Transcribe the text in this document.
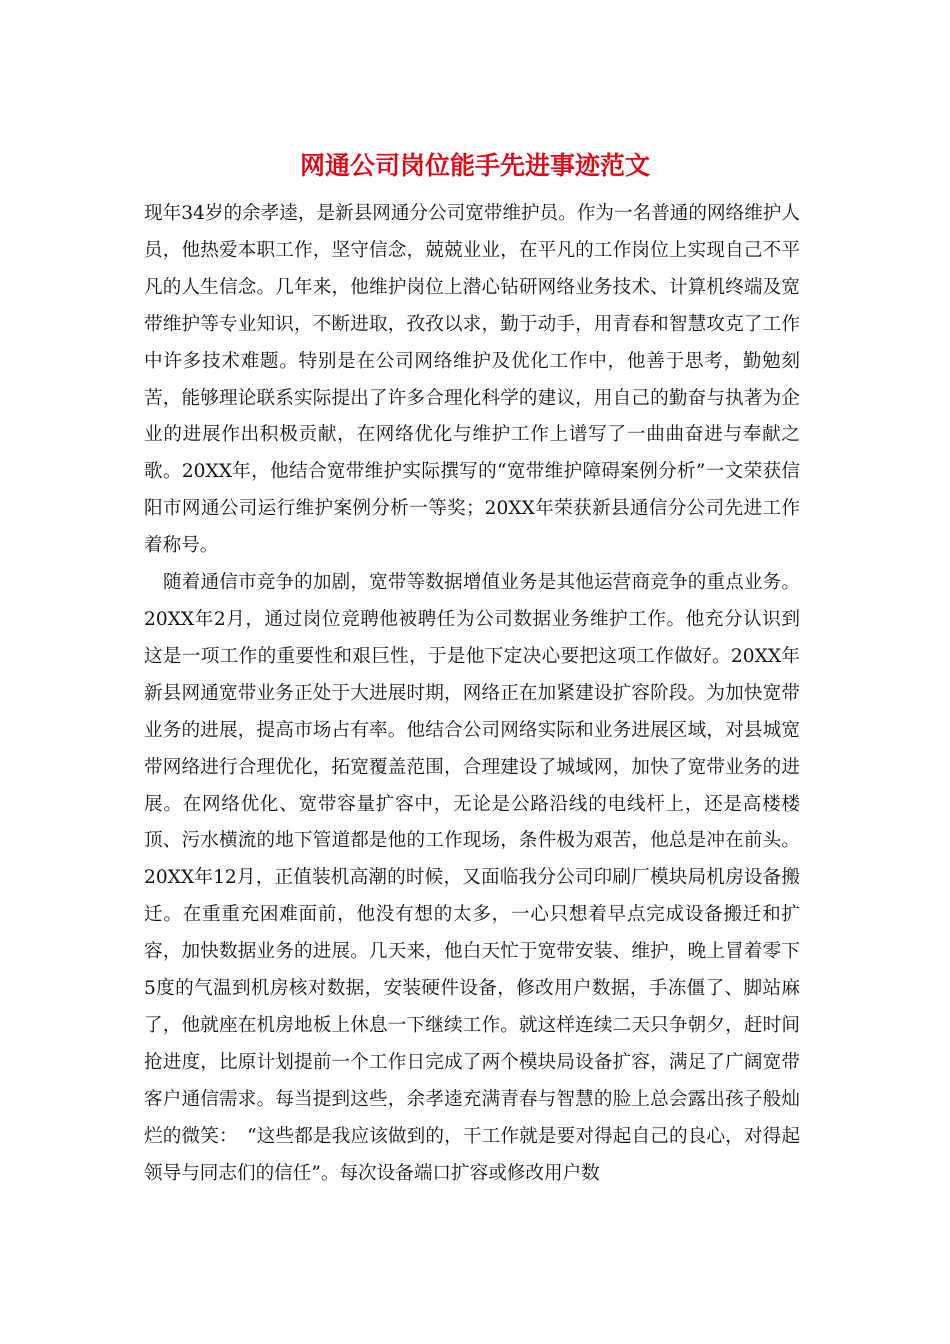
网通公司岗位能手先进事迹范文

现年34岁的余孝逵，是新县网通分公司宽带维护员。作为一名普通的网络维护人员，他热爱本职工作，坚守信念，兢兢业业，在平凡的工作岗位上实现自己不平凡的人生信念。几年来，他维护岗位上潜心钻研网络业务技术、计算机终端及宽带维护等专业知识，不断进取，孜孜以求，勤于动手，用青春和智慧攻克了工作中许多技术难题。特别是在公司网络维护及优化工作中，他善于思考，勤勉刻苦，能够理论联系实际提出了许多合理化科学的建议，用自己的勤奋与执著为企业的进展作出积极贡献，在网络优化与维护工作上谱写了一曲曲奋进与奉献之歌。20XX年，他结合宽带维护实际撰写的“宽带维护障碍案例分析”一文荣获信阳市网通公司运行维护案例分析一等奖；20XX年荣获新县通信分公司先进工作着称号。

随着通信市竞争的加剧，宽带等数据增值业务是其他运营商竞争的重点业务。20XX年2月，通过岗位竞聘他被聘任为公司数据业务维护工作。他充分认识到这是一项工作的重要性和艰巨性，于是他下定决心要把这项工作做好。20XX年新县网通宽带业务正处于大进展时期，网络正在加紧建设扩容阶段。为加快宽带业务的进展，提高市场占有率。他结合公司网络实际和业务进展区域，对县城宽带网络进行合理优化，拓宽覆盖范围，合理建设了城域网，加快了宽带业务的进展。在网络优化、宽带容量扩容中，无论是公路沿线的电线杆上，还是高楼楼顶、污水横流的地下管道都是他的工作现场，条件极为艰苦，他总是冲在前头。20XX年12月，正值装机高潮的时候，又面临我分公司印刷厂模块局机房设备搬迁。在重重充困难面前，他没有想的太多，一心只想着早点完成设备搬迁和扩容，加快数据业务的进展。几天来，他白天忙于宽带安装、维护，晚上冒着零下5度的气温到机房核对数据，安装硬件设备，修改用户数据，手冻僵了、脚站麻了，他就座在机房地板上休息一下继续工作。就这样连续二天只争朝夕，赶时间抢进度，比原计划提前一个工作日完成了两个模块局设备扩容，满足了广阔宽带客户通信需求。每当提到这些，余孝逵充满青春与智慧的脸上总会露出孩子般灿烂的微笑：　“这些都是我应该做到的，干工作就是要对得起自己的良心，对得起领导与同志们的信任”。每次设备端口扩容或修改用户数
